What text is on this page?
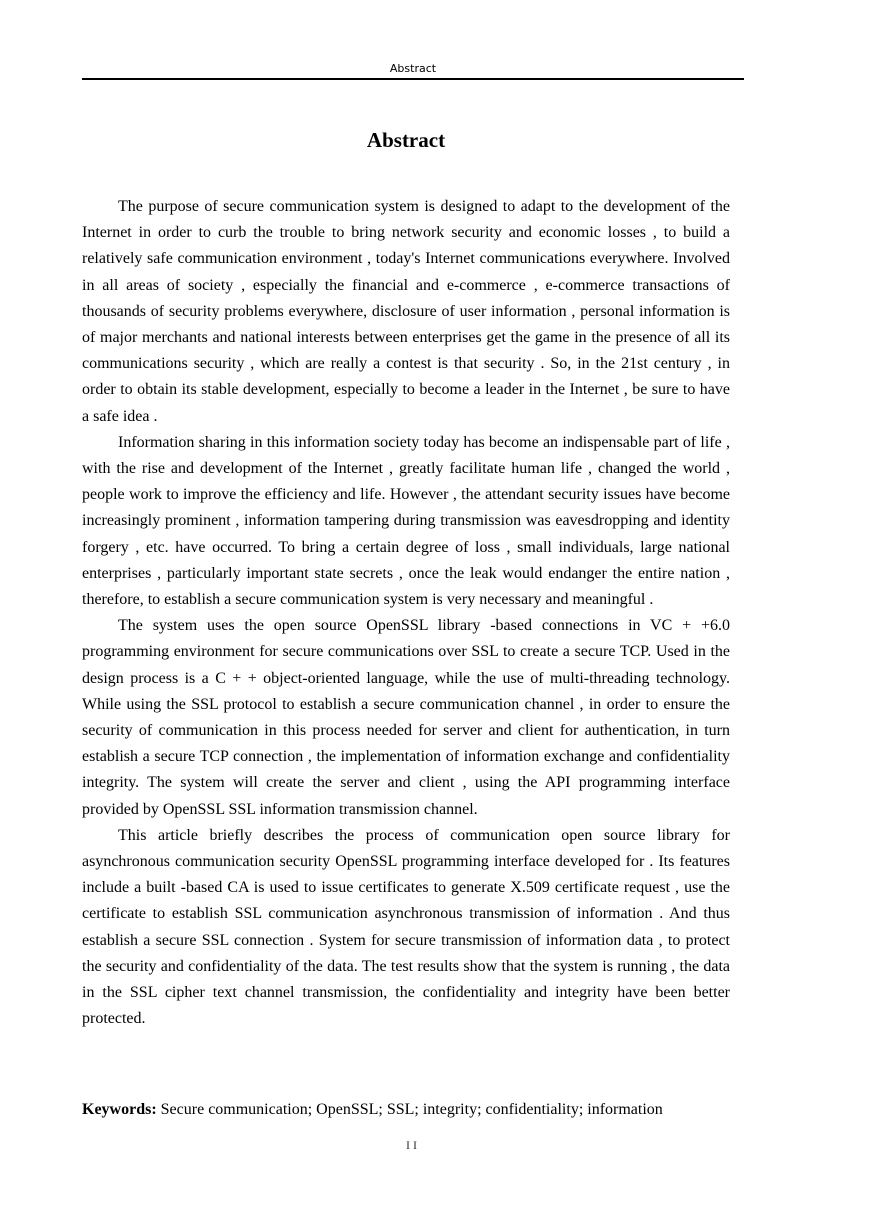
Abstract
Abstract

The purpose of secure communication system is designed to adapt to the development of the Internet in order to curb the trouble to bring network security and economic losses , to build a relatively safe communication environment , today's Internet communications everywhere. Involved in all areas of society , especially the financial and e-commerce , e-commerce transactions of thousands of security problems everywhere, disclosure of user information , personal information is of major merchants and national interests between enterprises get the game in the presence of all its communications security , which are really a contest is that security . So, in the 21st century , in order to obtain its stable development, especially to become a leader in the Internet , be sure to have a safe idea .

Information sharing in this information society today has become an indispensable part of life , with the rise and development of the Internet , greatly facilitate human life , changed the world , people work to improve the efficiency and life. However , the attendant security issues have become increasingly prominent , information tampering during transmission was eavesdropping and identity forgery , etc. have occurred. To bring a certain degree of loss , small individuals, large national enterprises , particularly important state secrets , once the leak would endanger the entire nation , therefore, to establish a secure communication system is very necessary and meaningful .

The system uses the open source OpenSSL library -based connections in VC + +6.0 programming environment for secure communications over SSL to create a secure TCP. Used in the design process is a C + + object-oriented language, while the use of multi-threading technology. While using the SSL protocol to establish a secure communication channel , in order to ensure the security of communication in this process needed for server and client for authentication, in turn establish a secure TCP connection , the implementation of information exchange and confidentiality integrity. The system will create the server and client , using the API programming interface provided by OpenSSL SSL information transmission channel.

This article briefly describes the process of communication open source library for asynchronous communication security OpenSSL programming interface developed for . Its features include a built -based CA is used to issue certificates to generate X.509 certificate request , use the certificate to establish SSL communication asynchronous transmission of information . And thus establish a secure SSL connection . System for secure transmission of information data , to protect the security and confidentiality of the data. The test results show that the system is running , the data in the SSL cipher text channel transmission, the confidentiality and integrity have been better protected.

Keywords: Secure communication; OpenSSL; SSL; integrity; confidentiality; information
II
